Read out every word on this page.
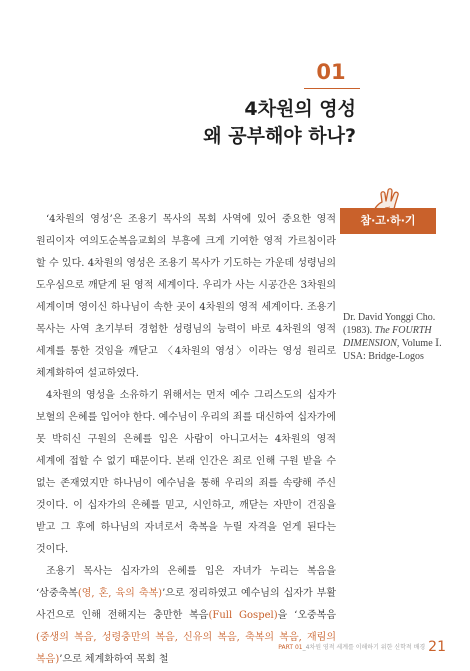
01
4차원의 영성
왜 공부해야 하나?
참·고·하·기
Dr. David Yonggi Cho.
(1983). The FOURTH DIMENSION, Volume Ⅰ.
USA: Bridge-Logos

‘4차원의 영성’은 조용기 목사의 목회 사역에 있어 중요한 영적 원리이자 여의도순복음교회의 부흥에 크게 기여한 영적 가르침이라 할 수 있다. 4차원의 영성은 조용기 목사가 기도하는 가운데 성령님의 도우심으로 깨닫게 된 영적 세계이다. 우리가 사는 시공간은 3차원의 세계이며 영이신 하나님이 속한 곳이 4차원의 영적 세계이다. 조용기 목사는 사역 초기부터 경험한 성령님의 능력이 바로 4차원의 영적 세계를 통한 것임을 깨닫고 〈4차원의 영성〉이라는 영성 원리로 체계화하여 설교하였다.

4차원의 영성을 소유하기 위해서는 먼저 예수 그리스도의 십자가 보혈의 은혜를 입어야 한다. 예수님이 우리의 죄를 대신하여 십자가에 못 박히신 구원의 은혜를 입은 사람이 아니고서는 4차원의 영적 세계에 접할 수 없기 때문이다. 본래 인간은 죄로 인해 구원 받을 수 없는 존재였지만 하나님이 예수님을 통해 우리의 죄를 속량해 주신 것이다. 이 십자가의 은혜를 믿고, 시인하고, 깨닫는 자만이 건짐을 받고 그 후에 하나님의 자녀로서 축복을 누릴 자격을 얻게 된다는 것이다.

조용기 목사는 십자가의 은혜를 입은 자녀가 누리는 복음을 ‘삼중축복(영, 혼, 육의 축복)’으로 정리하였고 예수님의 십자가 부활 사건으로 인해 전해지는 충만한 복음(Full Gospel)을 ‘오중복음(중생의 복음, 성령충만의 복음, 신유의 복음, 축복의 복음, 재림의 복음)’으로 체계화하여 목회 철

PART 01_4차원 영적 세계를 이해하기 위한 신학적 배경 21
